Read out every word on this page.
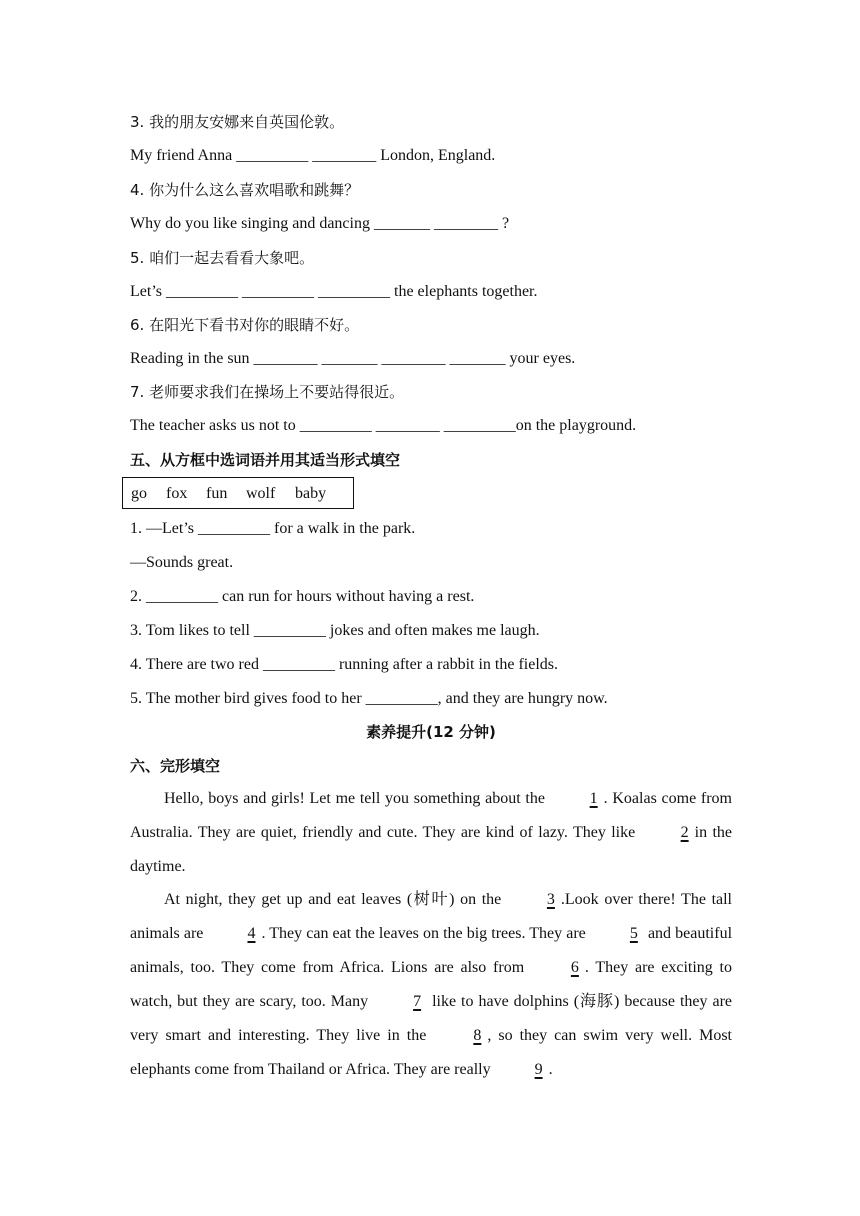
3. 我的朋友安娜来自英国伦敦。
My friend Anna _________ ________ London, England.
4. 你为什么这么喜欢唱歌和跳舞？
Why do you like singing and dancing _______ ________ ?
5. 咱们一起去看看大象吧。
Let’s _________ _________ _________ the elephants together.
6. 在阳光下看书对你的眼睛不好。
Reading in the sun ________ _______ ________ _______ your eyes.
7. 老师要求我们在操场上不要站得很近。
The teacher asks us not to _________ ________ _________on the playground.
五、从方框中选词语并用其适当形式填空
go fox fun wolf baby
1. —Let’s _________ for a walk in the park.
—Sounds great.
2. _________ can run for hours without having a rest.
3. Tom likes to tell _________ jokes and often makes me laugh.
4. There are two red _________ running after a rabbit in the fields.
5. The mother bird gives food to her _________, and they are hungry now.
素养提升(12 分钟)
六、完形填空
Hello, boys and girls! Let me tell you something about the	1 . Koalas come from Australia. They are quiet, friendly and cute. They are kind of lazy. They like	2 in the daytime.
At night, they get up and eat leaves (树叶) on the	3 .Look over there! The tall animals are	4 . They can eat the leaves on the big trees. They are	5 and beautiful animals, too. They come from Africa. Lions are also from	6 . They are exciting to watch, but they are scary, too. Many	7 like to have dolphins (海豚) because they are very smart and interesting. They live in the	8 , so they can swim very well. Most elephants come from Thailand or Africa. They are really	9 .
